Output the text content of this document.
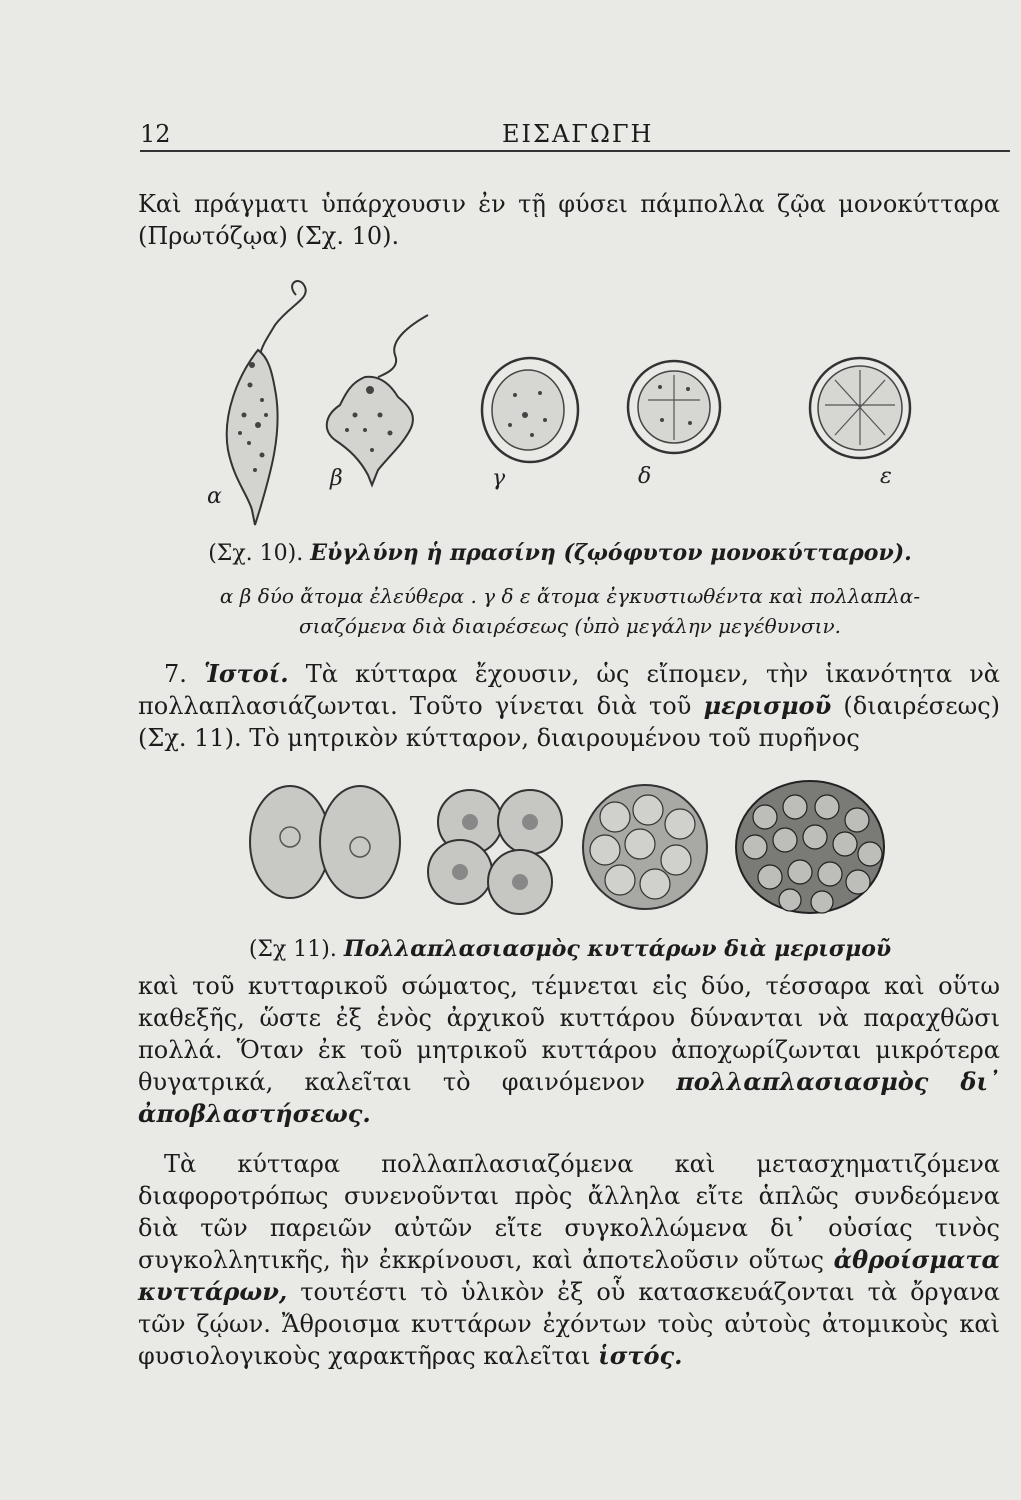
12	ΕΙΣΑΓΩΓΗ

Καὶ πράγματι ὑπάρχουσιν ἐν τῇ φύσει πάμπολλα ζῷα μονοκύτταρα (Πρωτόζῳα) (Σχ. 10).

α
β	γ	δ	ε
(Σχ. 10). Εὐγλύνη ἡ πρασίνη (ζῳόφυτον μονοκύτταρον).
α β δύο ἄτομα ἐλεύθερα . γ δ ε ἄτομα ἐγκυστιωθέντα καὶ πολλαπλα-
σιαζόμενα διὰ διαιρέσεως (ὑπὸ μεγάλην μεγέθυνσιν.

7. Ἱστοί. Τὰ κύτταρα ἔχουσιν, ὡς εἴπομεν, τὴν ἱκανότητα νὰ πολλαπλασιάζωνται. Τοῦτο γίνεται διὰ τοῦ μερισμοῦ (διαιρέσεως) (Σχ. 11). Τὸ μητρικὸν κύτταρον, διαιρουμένου τοῦ πυρῆνος

(Σχ 11). Πολλαπλασιασμὸς κυττάρων διὰ μερισμοῦ

καὶ τοῦ κυτταρικοῦ σώματος, τέμνεται εἰς δύο, τέσσαρα καὶ οὕτω καθεξῆς, ὥστε ἐξ ἑνὸς ἀρχικοῦ κυττάρου δύνανται νὰ παραχθῶσι πολλά. Ὅταν ἐκ τοῦ μητρικοῦ κυττάρου ἀποχωρίζωνται μικρότερα θυγατρικά, καλεῖται τὸ φαινόμενον πολλαπλασιασμὸς δι᾿ ἀποβλαστήσεως.

Τὰ κύτταρα πολλαπλασιαζόμενα καὶ μετασχηματιζόμενα διαφοροτρόπως συνενοῦνται πρὸς ἄλληλα εἴτε ἁπλῶς συνδεόμενα διὰ τῶν παρειῶν αὐτῶν εἴτε συγκολλώμενα δι᾿ οὐσίας τινὸς συγκολλητικῆς, ἣν ἐκκρίνουσι, καὶ ἀποτελοῦσιν οὕτως ἀθροίσματα κυττάρων, τουτέστι τὸ ὑλικὸν ἐξ οὗ κατασκευάζονται τὰ ὄργανα τῶν ζῴων. Ἄθροισμα κυττάρων ἐχόντων τοὺς αὐτοὺς ἀτομικοὺς καὶ φυσιολογικοὺς χαρακτῆρας καλεῖται ἱστός.
